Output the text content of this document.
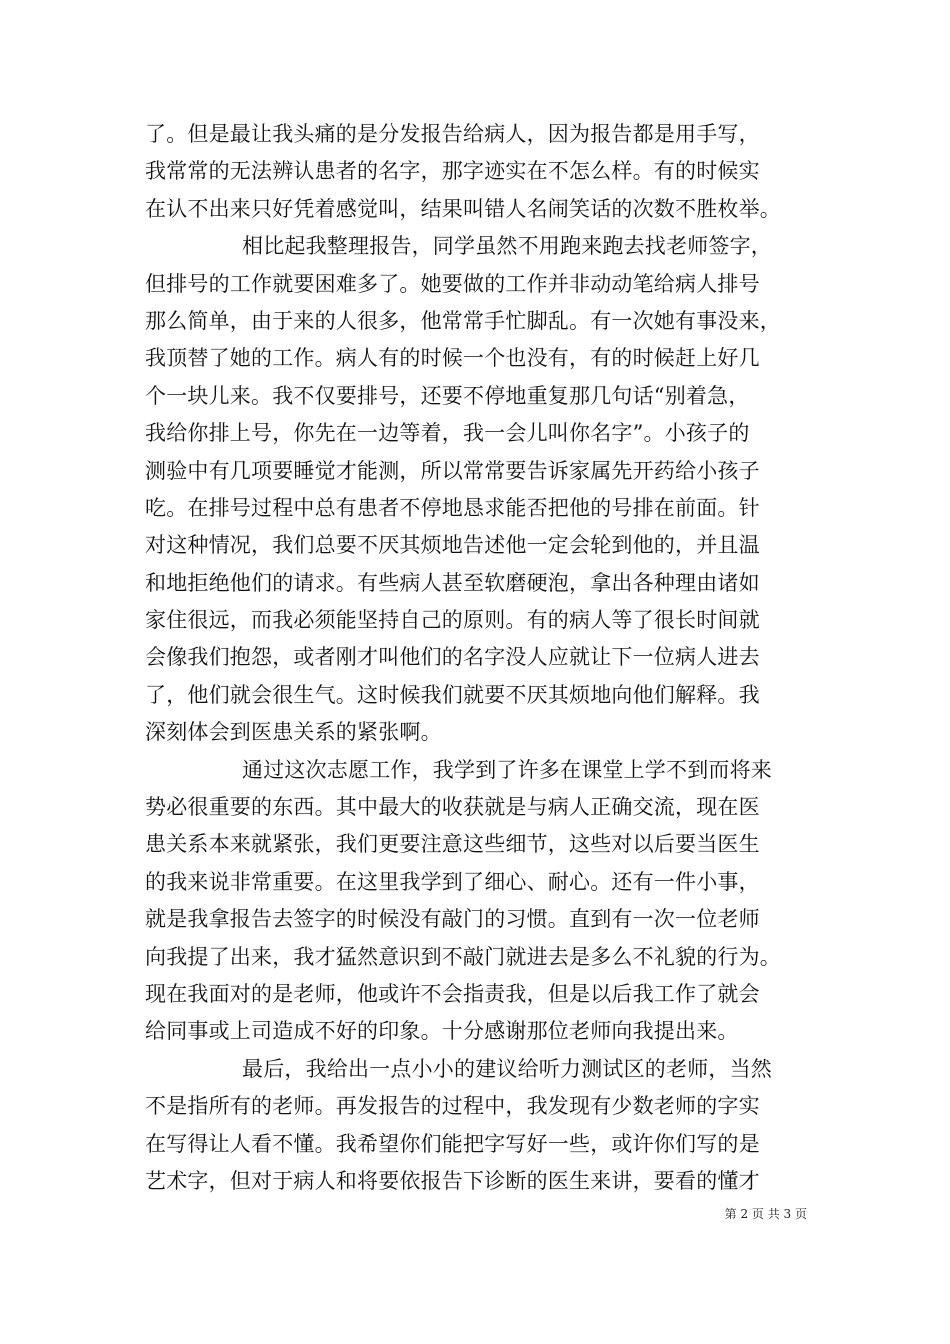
了。但是最让我头痛的是分发报告给病人，因为报告都是用手写，
我常常的无法辨认患者的名字，那字迹实在不怎么样。有的时候实
在认不出来只好凭着感觉叫，结果叫错人名闹笑话的次数不胜枚举。
相比起我整理报告，同学虽然不用跑来跑去找老师签字，
但排号的工作就要困难多了。她要做的工作并非动动笔给病人排号
那么简单，由于来的人很多，他常常手忙脚乱。有一次她有事没来，
我顶替了她的工作。病人有的时候一个也没有，有的时候赶上好几
个一块儿来。我不仅要排号，还要不停地重复那几句话“别着急，
我给你排上号，你先在一边等着，我一会儿叫你名字”。小孩子的
测验中有几项要睡觉才能测，所以常常要告诉家属先开药给小孩子
吃。在排号过程中总有患者不停地恳求能否把他的号排在前面。针
对这种情况，我们总要不厌其烦地告述他一定会轮到他的，并且温
和地拒绝他们的请求。有些病人甚至软磨硬泡，拿出各种理由诸如
家住很远，而我必须能坚持自己的原则。有的病人等了很长时间就
会像我们抱怨，或者刚才叫他们的名字没人应就让下一位病人进去
了，他们就会很生气。这时候我们就要不厌其烦地向他们解释。我
深刻体会到医患关系的紧张啊。
通过这次志愿工作，我学到了许多在课堂上学不到而将来
势必很重要的东西。其中最大的收获就是与病人正确交流，现在医
患关系本来就紧张，我们更要注意这些细节，这些对以后要当医生
的我来说非常重要。在这里我学到了细心、耐心。还有一件小事，
就是我拿报告去签字的时候没有敲门的习惯。直到有一次一位老师
向我提了出来，我才猛然意识到不敲门就进去是多么不礼貌的行为。
现在我面对的是老师，他或许不会指责我，但是以后我工作了就会
给同事或上司造成不好的印象。十分感谢那位老师向我提出来。
最后，我给出一点小小的建议给听力测试区的老师，当然
不是指所有的老师。再发报告的过程中，我发现有少数老师的字实
在写得让人看不懂。我希望你们能把字写好一些，或许你们写的是
艺术字，但对于病人和将要依报告下诊断的医生来讲，要看的懂才
第 2 页 共 3 页
